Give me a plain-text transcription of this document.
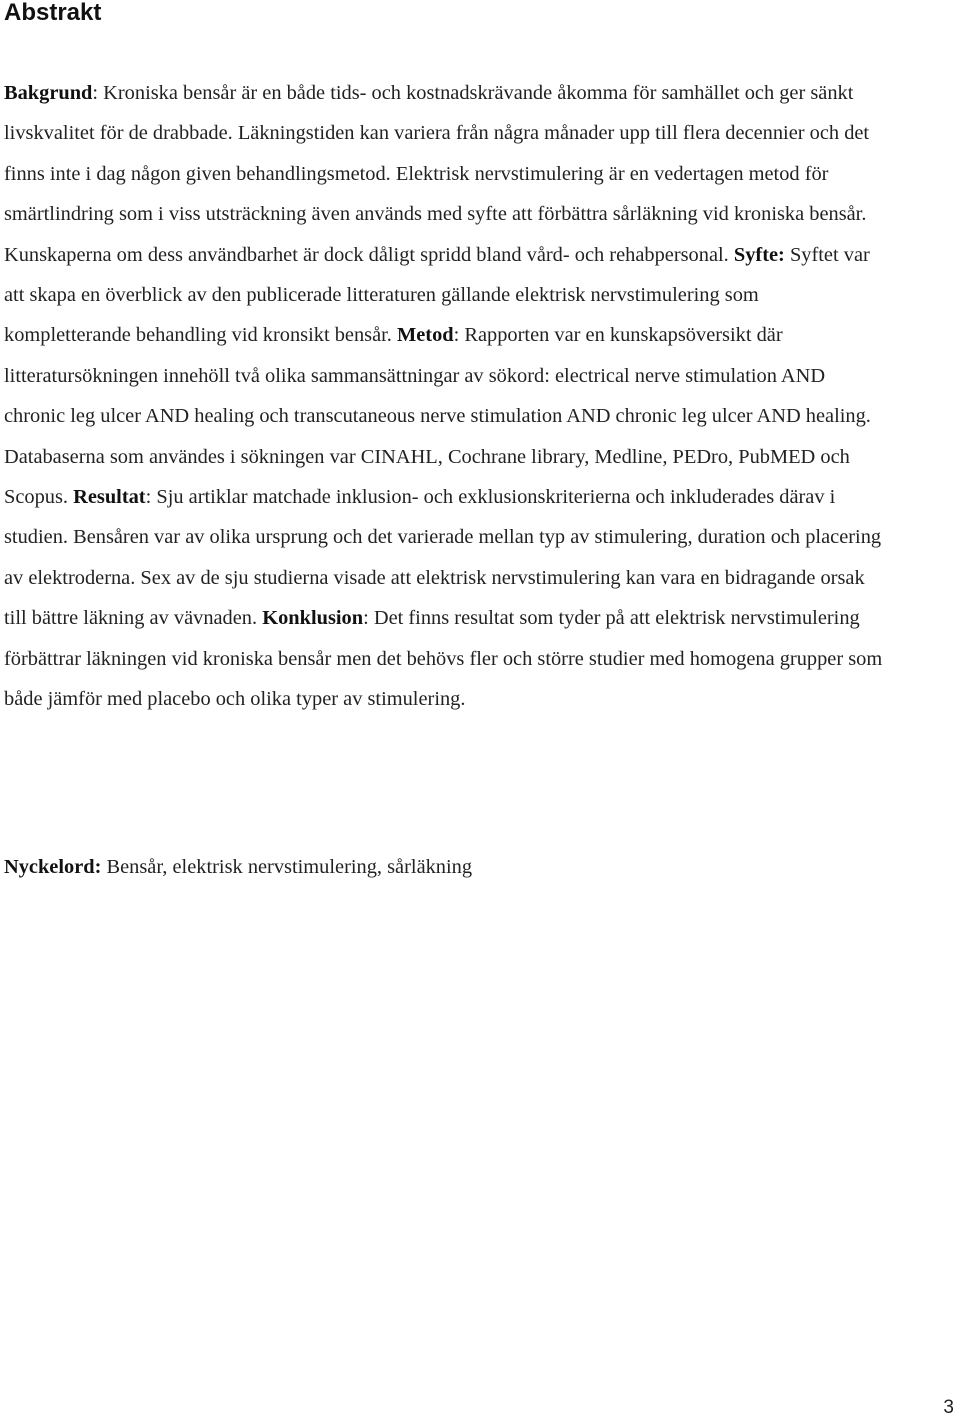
Abstrakt

Bakgrund: Kroniska bensår är en både tids- och kostnadskrävande åkomma för samhället och ger sänkt livskvalitet för de drabbade. Läkningstiden kan variera från några månader upp till flera decennier och det finns inte i dag någon given behandlingsmetod. Elektrisk nervstimulering är en vedertagen metod för smärtlindring som i viss utsträckning även används med syfte att förbättra sårläkning vid kroniska bensår. Kunskaperna om dess användbarhet är dock dåligt spridd bland vård- och rehabpersonal. Syfte: Syftet var att skapa en överblick av den publicerade litteraturen gällande elektrisk nervstimulering som kompletterande behandling vid kronsikt bensår. Metod: Rapporten var en kunskapsöversikt där litteratursökningen innehöll två olika sammansättningar av sökord: electrical nerve stimulation AND chronic leg ulcer AND healing och transcutaneous nerve stimulation AND chronic leg ulcer AND healing. Databaserna som användes i sökningen var CINAHL, Cochrane library, Medline, PEDro, PubMED och Scopus. Resultat: Sju artiklar matchade inklusion- och exklusionskriterierna och inkluderades därav i studien. Bensåren var av olika ursprung och det varierade mellan typ av stimulering, duration och placering av elektroderna. Sex av de sju studierna visade att elektrisk nervstimulering kan vara en bidragande orsak till bättre läkning av vävnaden. Konklusion: Det finns resultat som tyder på att elektrisk nervstimulering förbättrar läkningen vid kroniska bensår men det behövs fler och större studier med homogena grupper som både jämför med placebo och olika typer av stimulering.

Nyckelord: Bensår, elektrisk nervstimulering, sårläkning

3
